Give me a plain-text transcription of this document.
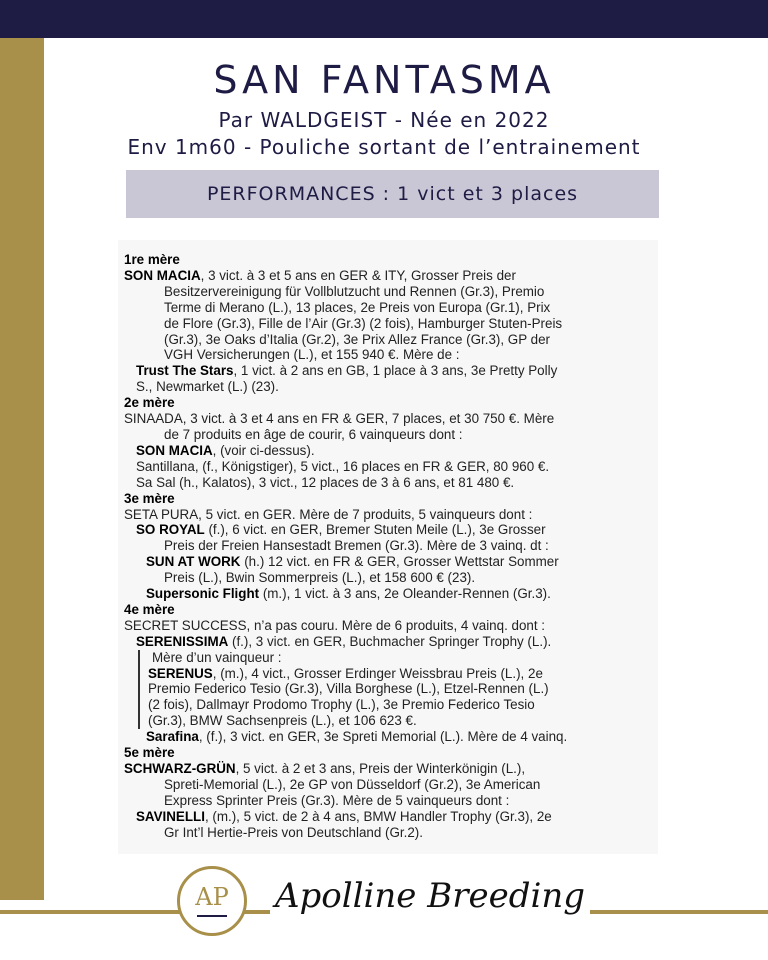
SAN FANTASMA
Par WALDGEIST - Née en 2022
Env 1m60 - Pouliche sortant de l’entrainement
PERFORMANCES : 1 vict et 3 places
1re mère
SON MACIA, 3 vict. à 3 et 5 ans en GER & ITY, Grosser Preis der
Besitzervereinigung für Vollblutzucht und Rennen (Gr.3), Premio
Terme di Merano (L.), 13 places, 2e Preis von Europa (Gr.1), Prix
de Flore (Gr.3), Fille de l’Air (Gr.3) (2 fois), Hamburger Stuten-Preis
(Gr.3), 3e Oaks d’Italia (Gr.2), 3e Prix Allez France (Gr.3), GP der
VGH Versicherungen (L.), et 155 940 €. Mère de :
Trust The Stars, 1 vict. à 2 ans en GB, 1 place à 3 ans, 3e Pretty Polly
S., Newmarket (L.) (23).
2e mère
SINAADA, 3 vict. à 3 et 4 ans en FR & GER, 7 places, et 30 750 €. Mère
de 7 produits en âge de courir, 6 vainqueurs dont :
SON MACIA, (voir ci-dessus).
Santillana, (f., Königstiger), 5 vict., 16 places en FR & GER, 80 960 €.
Sa Sal (h., Kalatos), 3 vict., 12 places de 3 à 6 ans, et 81 480 €.
3e mère
SETA PURA, 5 vict. en GER. Mère de 7 produits, 5 vainqueurs dont :
SO ROYAL (f.), 6 vict. en GER, Bremer Stuten Meile (L.), 3e Grosser
Preis der Freien Hansestadt Bremen (Gr.3). Mère de 3 vainq. dt :
SUN AT WORK (h.) 12 vict. en FR & GER, Grosser Wettstar Sommer
Preis (L.), Bwin Sommerpreis (L.), et 158 600 € (23).
Supersonic Flight (m.), 1 vict. à 3 ans, 2e Oleander-Rennen (Gr.3).
4e mère
SECRET SUCCESS, n’a pas couru. Mère de 6 produits, 4 vainq. dont :
SERENISSIMA (f.), 3 vict. en GER, Buchmacher Springer Trophy (L.).
Mère d’un vainqueur :
SERENUS, (m.), 4 vict., Grosser Erdinger Weissbrau Preis (L.), 2e
Premio Federico Tesio (Gr.3), Villa Borghese (L.), Etzel-Rennen (L.)
(2 fois), Dallmayr Prodomo Trophy (L.), 3e Premio Federico Tesio
(Gr.3), BMW Sachsenpreis (L.), et 106 623 €.
Sarafina, (f.), 3 vict. en GER, 3e Spreti Memorial (L.). Mère de 4 vainq.
5e mère
SCHWARZ-GRÜN, 5 vict. à 2 et 3 ans, Preis der Winterkönigin (L.),
Spreti-Memorial (L.), 2e GP von Düsseldorf (Gr.2), 3e American
Express Sprinter Preis (Gr.3). Mère de 5 vainqueurs dont :
SAVINELLI, (m.), 5 vict. de 2 à 4 ans, BMW Handler Trophy (Gr.3), 2e
Gr Int’l Hertie-Preis von Deutschland (Gr.2).
AP	Apolline Breeding
